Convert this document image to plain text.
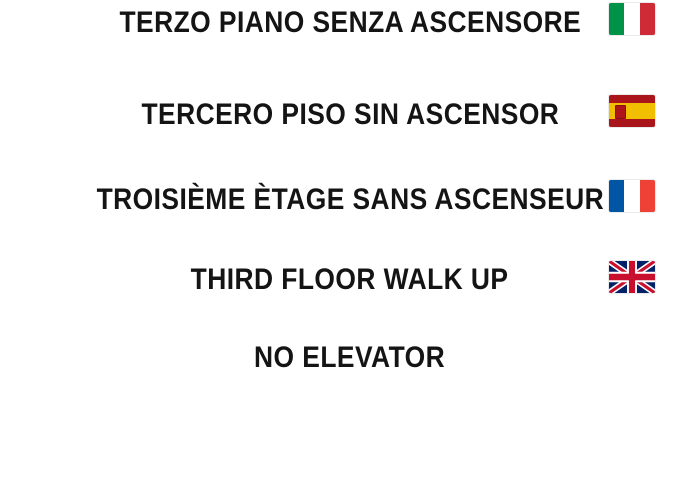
TERZO PIANO SENZA ASCENSORE
TERCERO PISO SIN ASCENSOR
TROISIÈME ÈTAGE SANS ASCENSEUR
THIRD FLOOR WALK UP
NO ELEVATOR
